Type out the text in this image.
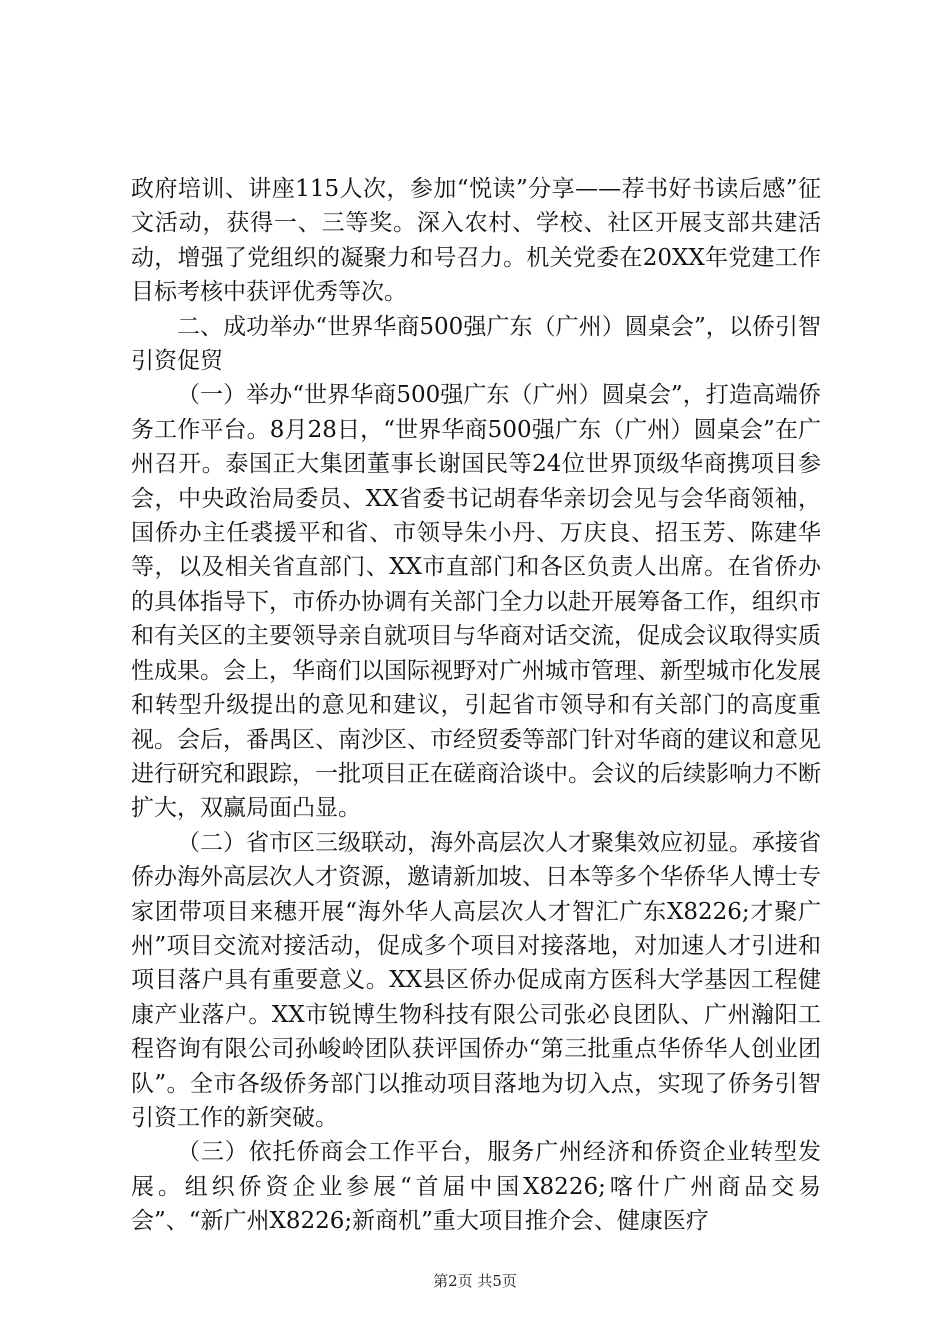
政府培训、讲座115人次，参加“悦读”分享——荐书好书读后感”征文活动，获得一、三等奖。深入农村、学校、社区开展支部共建活动，增强了党组织的凝聚力和号召力。机关党委在20XX年党建工作目标考核中获评优秀等次。

二、成功举办“世界华商500强广东（广州）圆桌会”，以侨引智引资促贸

（一）举办“世界华商500强广东（广州）圆桌会”，打造高端侨务工作平台。8月28日，“世界华商500强广东（广州）圆桌会”在广州召开。泰国正大集团董事长谢国民等24位世界顶级华商携项目参会，中央政治局委员、XX省委书记胡春华亲切会见与会华商领袖，国侨办主任裘援平和省、市领导朱小丹、万庆良、招玉芳、陈建华等，以及相关省直部门、XX市直部门和各区负责人出席。在省侨办的具体指导下，市侨办协调有关部门全力以赴开展筹备工作，组织市和有关区的主要领导亲自就项目与华商对话交流，促成会议取得实质性成果。会上，华商们以国际视野对广州城市管理、新型城市化发展和转型升级提出的意见和建议，引起省市领导和有关部门的高度重视。会后，番禺区、南沙区、市经贸委等部门针对华商的建议和意见进行研究和跟踪，一批项目正在磋商洽谈中。会议的后续影响力不断扩大，双赢局面凸显。

（二）省市区三级联动，海外高层次人才聚集效应初显。承接省侨办海外高层次人才资源，邀请新加坡、日本等多个华侨华人博士专家团带项目来穗开展“海外华人高层次人才智汇广东X8226;才聚广州”项目交流对接活动，促成多个项目对接落地，对加速人才引进和项目落户具有重要意义。XX县区侨办促成南方医科大学基因工程健康产业落户。XX市锐博生物科技有限公司张必良团队、广州瀚阳工程咨询有限公司孙峻岭团队获评国侨办“第三批重点华侨华人创业团队”。全市各级侨务部门以推动项目落地为切入点，实现了侨务引智引资工作的新突破。

（三）依托侨商会工作平台，服务广州经济和侨资企业转型发展。组织侨资企业参展“首届中国X8226;喀什广州商品交易会”、“新广州X8226;新商机”重大项目推介会、健康医疗

第2页 共5页
